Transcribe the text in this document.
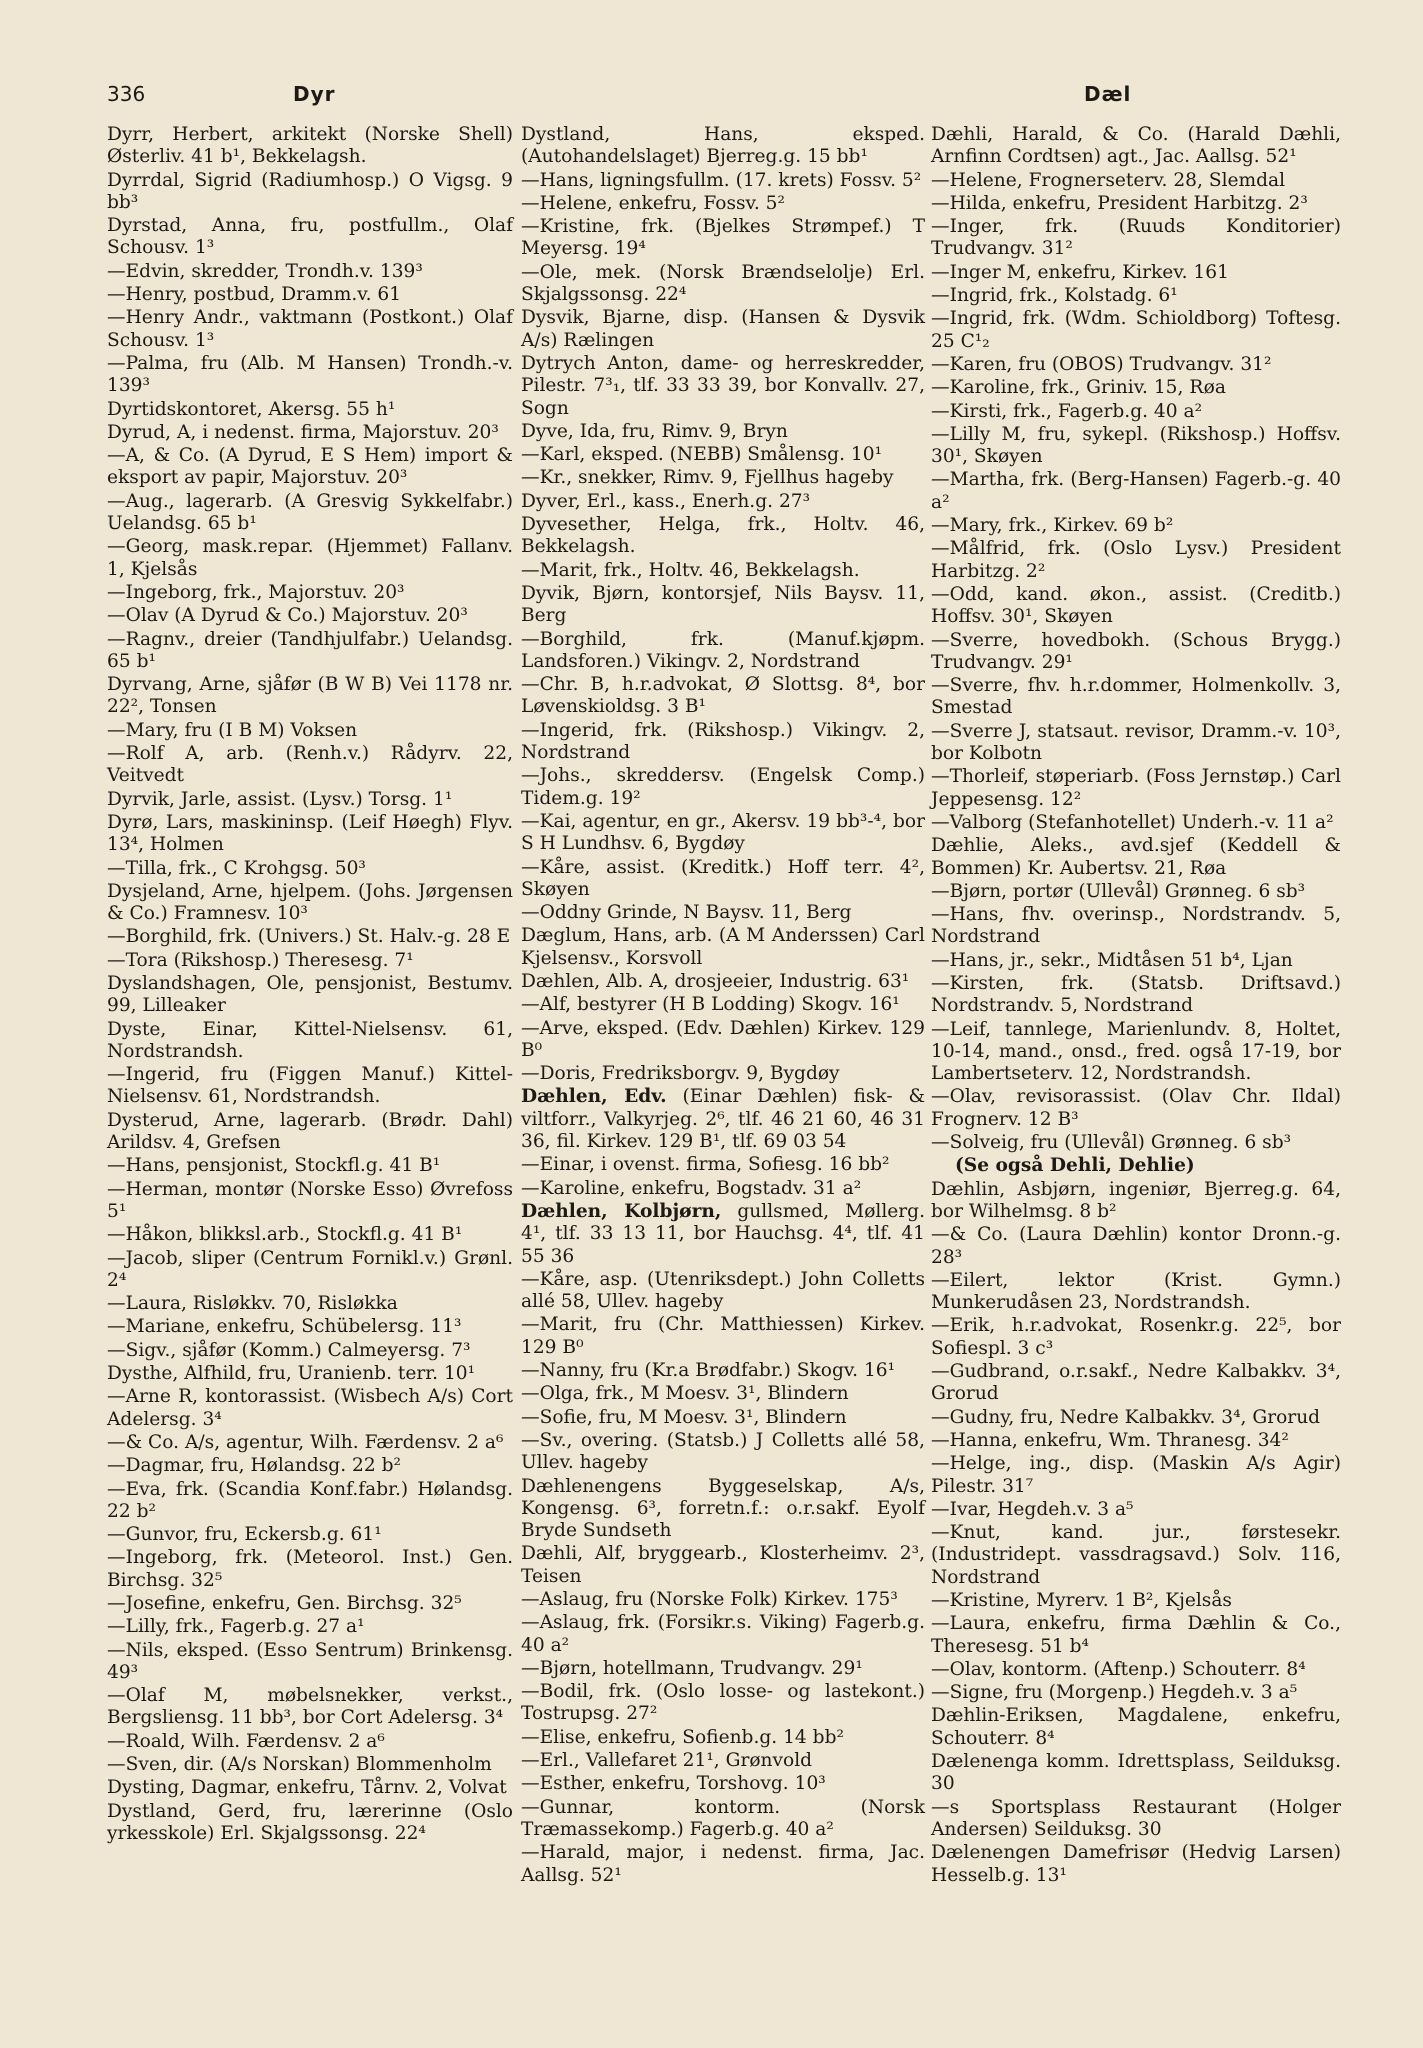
336	Dyr	Dæl
Dyrr, Herbert, arkitekt (Norske Shell) Østerliv. 41 b¹, Bekkelagsh.
Dyrrdal, Sigrid (Radiumhosp.) O Vigsg. 9 bb³
Dyrstad, Anna, fru, postfullm., Olaf Schousv. 1³
—Edvin, skredder, Trondh.v. 139³
—Henry, postbud, Dramm.v. 61
—Henry Andr., vaktmann (Postkont.) Olaf Schousv. 1³
—Palma, fru (Alb. M Hansen) Trondh.-v. 139³
Dyrtidskontoret, Akersg. 55 h¹
Dyrud, A, i nedenst. firma, Majorstuv. 20³
—A, & Co. (A Dyrud, E S Hem) import & eksport av papir, Majorstuv. 20³
—Aug., lagerarb. (A Gresvig Sykkelfabr.) Uelandsg. 65 b¹
—Georg, mask.repar. (Hjemmet) Fallanv. 1, Kjelsås
—Ingeborg, frk., Majorstuv. 20³
—Olav (A Dyrud & Co.) Majorstuv. 20³
—Ragnv., dreier (Tandhjulfabr.) Uelandsg. 65 b¹
Dyrvang, Arne, sjåfør (B W B) Vei 1178 nr. 22², Tonsen
—Mary, fru (I B M) Voksen
—Rolf A, arb. (Renh.v.) Rådyrv. 22, Veitvedt
Dyrvik, Jarle, assist. (Lysv.) Torsg. 1¹
Dyrø, Lars, maskininsp. (Leif Høegh) Flyv. 13⁴, Holmen
—Tilla, frk., C Krohgsg. 50³
Dysjeland, Arne, hjelpem. (Johs. Jørgensen & Co.) Framnesv. 10³
—Borghild, frk. (Univers.) St. Halv.-g. 28 E
—Tora (Rikshosp.) Theresesg. 7¹
Dyslandshagen, Ole, pensjonist, Bestumv. 99, Lilleaker
Dyste, Einar, Kittel-Nielsensv. 61, Nordstrandsh.
—Ingerid, fru (Figgen Manuf.) Kittel-Nielsensv. 61, Nordstrandsh.
Dysterud, Arne, lagerarb. (Brødr. Dahl) Arildsv. 4, Grefsen
—Hans, pensjonist, Stockfl.g. 41 B¹
—Herman, montør (Norske Esso) Øvrefoss 5¹
—Håkon, blikksl.arb., Stockfl.g. 41 B¹
—Jacob, sliper (Centrum Fornikl.v.) Grønl. 2⁴
—Laura, Risløkkv. 70, Risløkka
—Mariane, enkefru, Schübelersg. 11³
—Sigv., sjåfør (Komm.) Calmeyersg. 7³
Dysthe, Alfhild, fru, Uranienb. terr. 10¹
—Arne R, kontorassist. (Wisbech A/s) Cort Adelersg. 3⁴
—& Co. A/s, agentur, Wilh. Færdensv. 2 a⁶
—Dagmar, fru, Hølandsg. 22 b²
—Eva, frk. (Scandia Konf.fabr.) Hølandsg. 22 b²
—Gunvor, fru, Eckersb.g. 61¹
—Ingeborg, frk. (Meteorol. Inst.) Gen. Birchsg. 32⁵
—Josefine, enkefru, Gen. Birchsg. 32⁵
—Lilly, frk., Fagerb.g. 27 a¹
—Nils, eksped. (Esso Sentrum) Brinkensg. 49³
—Olaf M, møbelsnekker, verkst., Bergsliensg. 11 bb³, bor Cort Adelersg. 3⁴
—Roald, Wilh. Færdensv. 2 a⁶
—Sven, dir. (A/s Norskan) Blommenholm
Dysting, Dagmar, enkefru, Tårnv. 2, Volvat
Dystland, Gerd, fru, lærerinne (Oslo yrkesskole) Erl. Skjalgssonsg. 22⁴
Dystland, Hans, eksped. (Autohandelslaget) Bjerreg.g. 15 bb¹
—Hans, ligningsfullm. (17. krets) Fossv. 5²
—Helene, enkefru, Fossv. 5²
—Kristine, frk. (Bjelkes Strømpef.) T Meyersg. 19⁴
—Ole, mek. (Norsk Brændselolje) Erl. Skjalgssonsg. 22⁴
Dysvik, Bjarne, disp. (Hansen & Dysvik A/s) Rælingen
Dytrych Anton, dame- og herreskredder, Pilestr. 7³₁, tlf. 33 33 39, bor Konvallv. 27, Sogn
Dyve, Ida, fru, Rimv. 9, Bryn
—Karl, eksped. (NEBB) Smålensg. 10¹
—Kr., snekker, Rimv. 9, Fjellhus hageby
Dyver, Erl., kass., Enerh.g. 27³
Dyvesether, Helga, frk., Holtv. 46, Bekkelagsh.
—Marit, frk., Holtv. 46, Bekkelagsh.
Dyvik, Bjørn, kontorsjef, Nils Baysv. 11, Berg
—Borghild, frk. (Manuf.kjøpm. Landsforen.) Vikingv. 2, Nordstrand
—Chr. B, h.r.advokat, Ø Slottsg. 8⁴, bor Løvenskioldsg. 3 B¹
—Ingerid, frk. (Rikshosp.) Vikingv. 2, Nordstrand
—Johs., skreddersv. (Engelsk Comp.) Tidem.g. 19²
—Kai, agentur, en gr., Akersv. 19 bb³-⁴, bor S H Lundhsv. 6, Bygdøy
—Kåre, assist. (Kreditk.) Hoff terr. 4², Skøyen
—Oddny Grinde, N Baysv. 11, Berg
Dæglum, Hans, arb. (A M Anderssen) Carl Kjelsensv., Korsvoll
Dæhlen, Alb. A, drosjeeier, Industrig. 63¹
—Alf, bestyrer (H B Lodding) Skogv. 16¹
—Arve, eksped. (Edv. Dæhlen) Kirkev. 129 B⁰
—Doris, Fredriksborgv. 9, Bygdøy
Dæhlen, Edv. (Einar Dæhlen) fisk- & viltforr., Valkyrjeg. 2⁶, tlf. 46 21 60, 46 31 36, fil. Kirkev. 129 B¹, tlf. 69 03 54
—Einar, i ovenst. firma, Sofiesg. 16 bb²
—Karoline, enkefru, Bogstadv. 31 a²
Dæhlen, Kolbjørn, gullsmed, Møllerg. 4¹, tlf. 33 13 11, bor Hauchsg. 4⁴, tlf. 41 55 36
—Kåre, asp. (Utenriksdept.) John Colletts allé 58, Ullev. hageby
—Marit, fru (Chr. Matthiessen) Kirkev. 129 B⁰
—Nanny, fru (Kr.a Brødfabr.) Skogv. 16¹
—Olga, frk., M Moesv. 3¹, Blindern
—Sofie, fru, M Moesv. 3¹, Blindern
—Sv., overing. (Statsb.) J Colletts allé 58, Ullev. hageby
Dæhlenengens Byggeselskap, A/s, Kongensg. 6³, forretn.f.: o.r.sakf. Eyolf Bryde Sundseth
Dæhli, Alf, bryggearb., Klosterheimv. 2³, Teisen
—Aslaug, fru (Norske Folk) Kirkev. 175³
—Aslaug, frk. (Forsikr.s. Viking) Fagerb.g. 40 a²
—Bjørn, hotellmann, Trudvangv. 29¹
—Bodil, frk. (Oslo losse- og lastekont.) Tostrupsg. 27²
—Elise, enkefru, Sofienb.g. 14 bb²
—Erl., Vallefaret 21¹, Grønvold
—Esther, enkefru, Torshovg. 10³
—Gunnar, kontorm. (Norsk Træmassekomp.) Fagerb.g. 40 a²
—Harald, major, i nedenst. firma, Jac. Aallsg. 52¹
Dæhli, Harald, & Co. (Harald Dæhli, Arnfinn Cordtsen) agt., Jac. Aallsg. 52¹
—Helene, Frognerseterv. 28, Slemdal
—Hilda, enkefru, President Harbitzg. 2³
—Inger, frk. (Ruuds Konditorier) Trudvangv. 31²
—Inger M, enkefru, Kirkev. 161
—Ingrid, frk., Kolstadg. 6¹
—Ingrid, frk. (Wdm. Schioldborg) Toftesg. 25 C¹₂
—Karen, fru (OBOS) Trudvangv. 31²
—Karoline, frk., Griniv. 15, Røa
—Kirsti, frk., Fagerb.g. 40 a²
—Lilly M, fru, sykepl. (Rikshosp.) Hoffsv. 30¹, Skøyen
—Martha, frk. (Berg-Hansen) Fagerb.-g. 40 a²
—Mary, frk., Kirkev. 69 b²
—Målfrid, frk. (Oslo Lysv.) President Harbitzg. 2²
—Odd, kand. økon., assist. (Creditb.) Hoffsv. 30¹, Skøyen
—Sverre, hovedbokh. (Schous Brygg.) Trudvangv. 29¹
—Sverre, fhv. h.r.dommer, Holmenkollv. 3, Smestad
—Sverre J, statsaut. revisor, Dramm.-v. 10³, bor Kolbotn
—Thorleif, støperiarb. (Foss Jernstøp.) Carl Jeppesensg. 12²
—Valborg (Stefanhotellet) Underh.-v. 11 a²
Dæhlie, Aleks., avd.sjef (Keddell & Bommen) Kr. Aubertsv. 21, Røa
—Bjørn, portør (Ullevål) Grønneg. 6 sb³
—Hans, fhv. overinsp., Nordstrandv. 5, Nordstrand
—Hans, jr., sekr., Midtåsen 51 b⁴, Ljan
—Kirsten, frk. (Statsb. Driftsavd.) Nordstrandv. 5, Nordstrand
—Leif, tannlege, Marienlundv. 8, Holtet, 10-14, mand., onsd., fred. også 17-19, bor Lambertseterv. 12, Nordstrandsh.
—Olav, revisorassist. (Olav Chr. Ildal) Frognerv. 12 B³
—Solveig, fru (Ullevål) Grønneg. 6 sb³
(Se også Dehli, Dehlie)
Dæhlin, Asbjørn, ingeniør, Bjerreg.g. 64, bor Wilhelmsg. 8 b²
—& Co. (Laura Dæhlin) kontor Dronn.-g. 28³
—Eilert, lektor (Krist. Gymn.) Munkerudåsen 23, Nordstrandsh.
—Erik, h.r.advokat, Rosenkr.g. 22⁵, bor Sofiespl. 3 c³
—Gudbrand, o.r.sakf., Nedre Kalbakkv. 3⁴, Grorud
—Gudny, fru, Nedre Kalbakkv. 3⁴, Grorud
—Hanna, enkefru, Wm. Thranesg. 34²
—Helge, ing., disp. (Maskin A/s Agir) Pilestr. 31⁷
—Ivar, Hegdeh.v. 3 a⁵
—Knut, kand. jur., førstesekr. (Industridept. vassdragsavd.) Solv. 116, Nordstrand
—Kristine, Myrerv. 1 B², Kjelsås
—Laura, enkefru, firma Dæhlin & Co., Theresesg. 51 b⁴
—Olav, kontorm. (Aftenp.) Schouterr. 8⁴
—Signe, fru (Morgenp.) Hegdeh.v. 3 a⁵
Dæhlin-Eriksen, Magdalene, enkefru, Schouterr. 8⁴
Dælenenga komm. Idrettsplass, Seilduksg. 30
—s Sportsplass Restaurant (Holger Andersen) Seilduksg. 30
Dælenengen Damefrisør (Hedvig Larsen) Hesselb.g. 13¹
